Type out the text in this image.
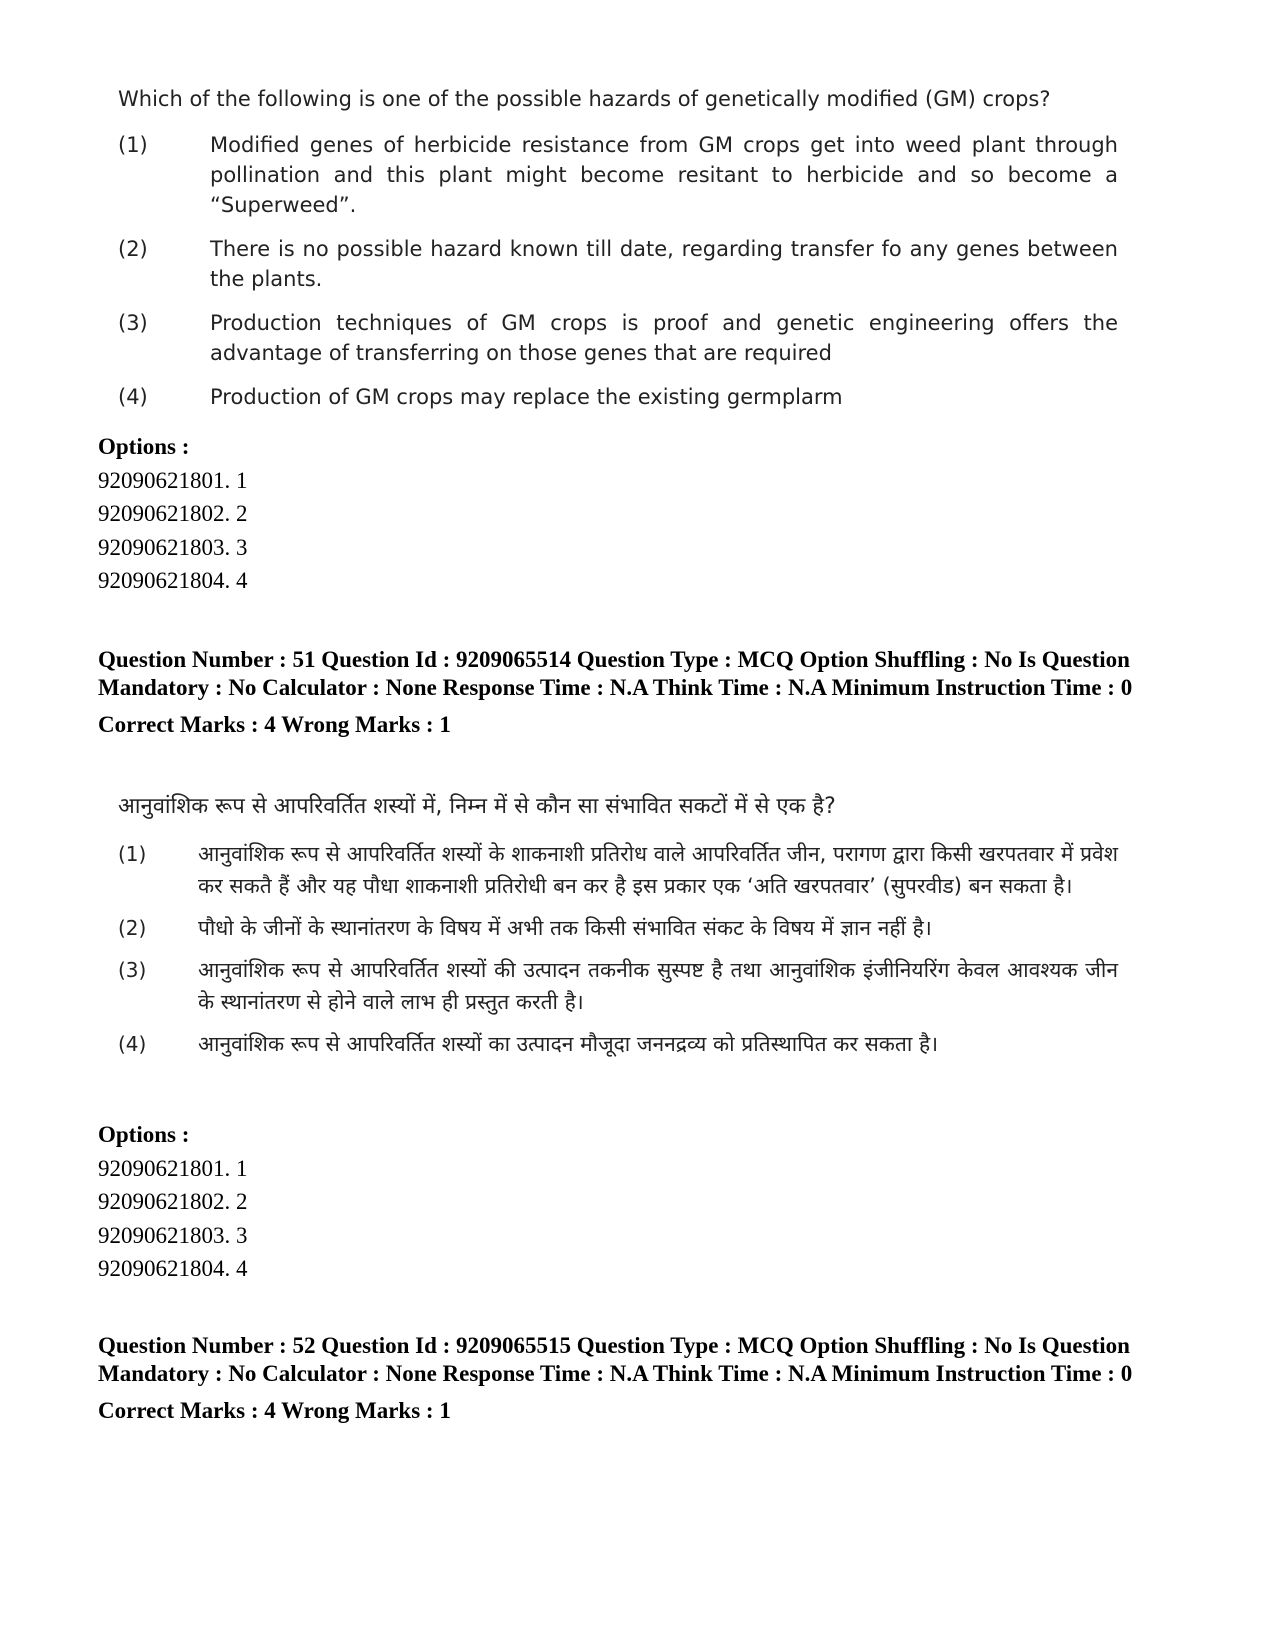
Which of the following is one of the possible hazards of genetically modified (GM) crops?
(1)	Modified genes of herbicide resistance from GM crops get into weed plant through pollination and this plant might become resitant to herbicide and so become a “Superweed”.
(2)	There is no possible hazard known till date, regarding transfer fo any genes between the plants.
(3)	Production techniques of GM crops is proof and genetic engineering offers the advantage of transferring on those genes that are required
(4)	Production of GM crops may replace the existing germplarm
Options :
92090621801. 1
92090621802. 2
92090621803. 3
92090621804. 4
Question Number : 51 Question Id : 9209065514 Question Type : MCQ Option Shuffling : No Is Question Mandatory : No Calculator : None Response Time : N.A Think Time : N.A Minimum Instruction Time : 0
Correct Marks : 4 Wrong Marks : 1
आनुवांशिक रूप से आपरिवर्तित शस्यों में, निम्न में से कौन सा संभावित सकटों में से एक है?
(1)	आनुवांशिक रूप से आपरिवर्तित शस्यों के शाकनाशी प्रतिरोध वाले आपरिवर्तित जीन, परागण द्वारा किसी खरपतवार में प्रवेश कर सकतै हैं और यह पौधा शाकनाशी प्रतिरोधी बन कर है इस प्रकार एक ‘अति खरपतवार’ (सुपरवीड) बन सकता है।
(2)	पौधो के जीनों के स्थानांतरण के विषय में अभी तक किसी संभावित संकट के विषय में ज्ञान नहीं है।
(3)	आनुवांशिक रूप से आपरिवर्तित शस्यों की उत्पादन तकनीक सुस्पष्ट है तथा आनुवांशिक इंजीनियरिंग केवल आवश्यक जीन के स्थानांतरण से होने वाले लाभ ही प्रस्तुत करती है।
(4)	आनुवांशिक रूप से आपरिवर्तित शस्यों का उत्पादन मौजूदा जननद्रव्य को प्रतिस्थापित कर सकता है।
Options :
92090621801. 1
92090621802. 2
92090621803. 3
92090621804. 4
Question Number : 52 Question Id : 9209065515 Question Type : MCQ Option Shuffling : No Is Question Mandatory : No Calculator : None Response Time : N.A Think Time : N.A Minimum Instruction Time : 0
Correct Marks : 4 Wrong Marks : 1
